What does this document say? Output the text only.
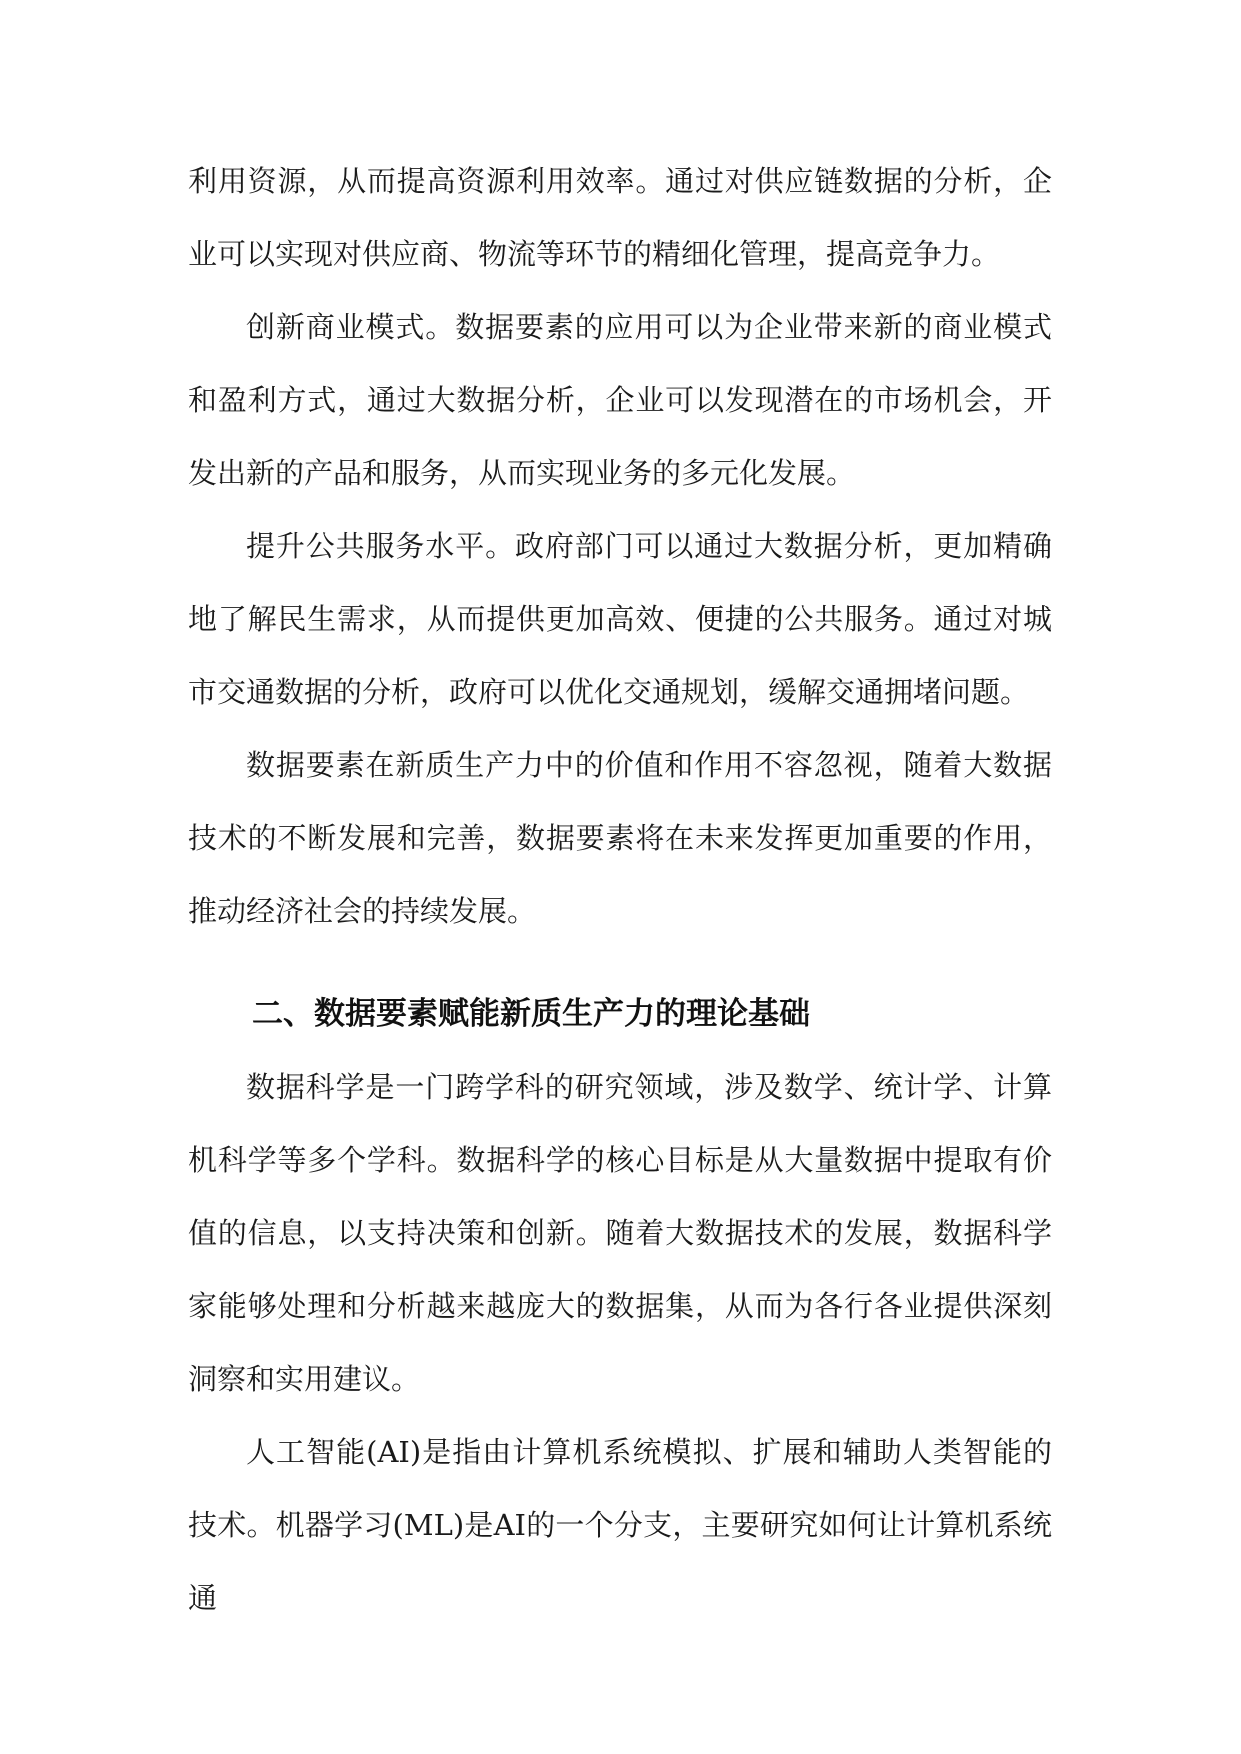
利用资源，从而提高资源利用效率。通过对供应链数据的分析，企业可以实现对供应商、物流等环节的精细化管理，提高竞争力。

创新商业模式。数据要素的应用可以为企业带来新的商业模式和盈利方式，通过大数据分析，企业可以发现潜在的市场机会，开发出新的产品和服务，从而实现业务的多元化发展。

提升公共服务水平。政府部门可以通过大数据分析，更加精确地了解民生需求，从而提供更加高效、便捷的公共服务。通过对城市交通数据的分析，政府可以优化交通规划，缓解交通拥堵问题。

数据要素在新质生产力中的价值和作用不容忽视，随着大数据技术的不断发展和完善，数据要素将在未来发挥更加重要的作用，推动经济社会的持续发展。

二、数据要素赋能新质生产力的理论基础

数据科学是一门跨学科的研究领域，涉及数学、统计学、计算机科学等多个学科。数据科学的核心目标是从大量数据中提取有价值的信息，以支持决策和创新。随着大数据技术的发展，数据科学家能够处理和分析越来越庞大的数据集，从而为各行各业提供深刻洞察和实用建议。

人工智能(AI)是指由计算机系统模拟、扩展和辅助人类智能的技术。机器学习(ML)是AI的一个分支，主要研究如何让计算机系统通
